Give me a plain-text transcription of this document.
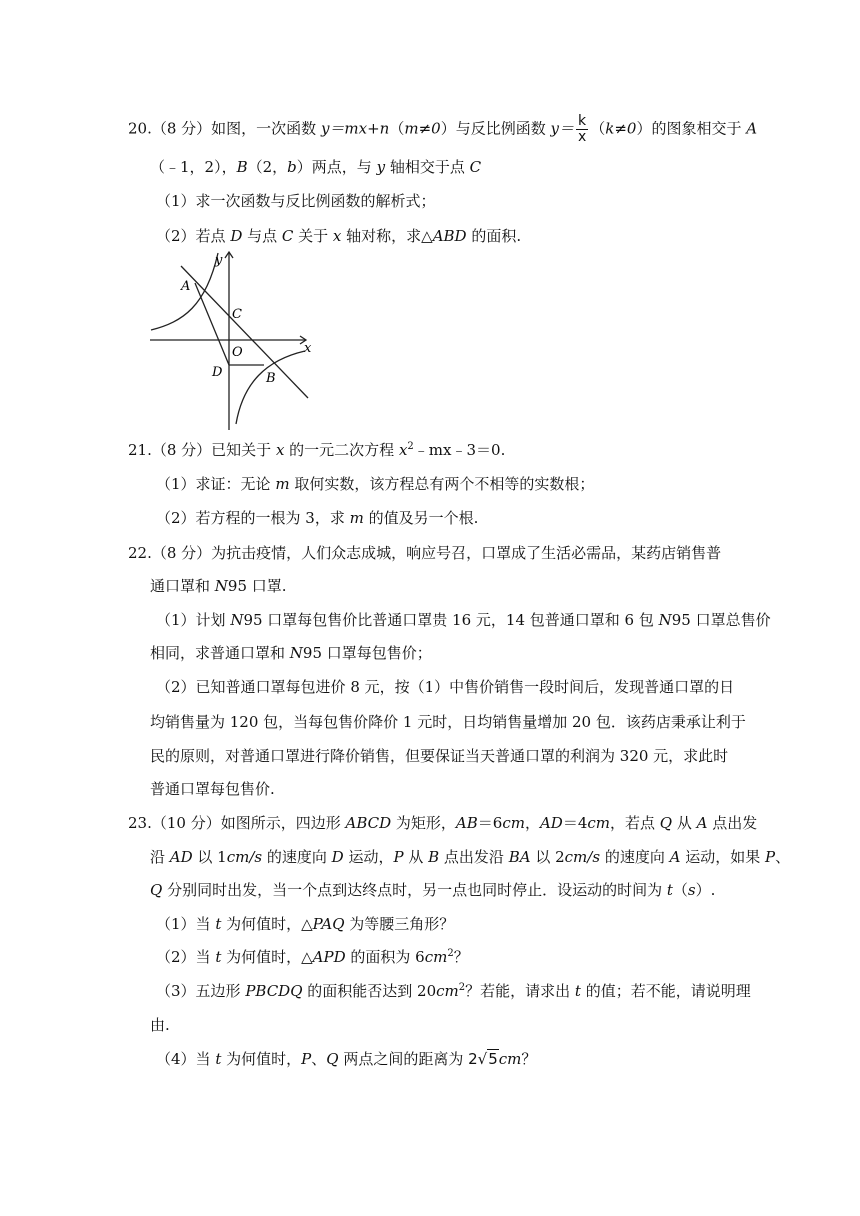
20.（8 分）如图，一次函数 y＝mx+n（m≠0）与反比例函数 $y= \frac{k}{x} (k\ne 0)$的图象相交于 A
（﹣1，2），B（2，b）两点，与 y 轴相交于点 C
（1）求一次函数与反比例函数的解析式；
（2）若点 D 与点 C 关于 x 轴对称，求△ABD 的面积.
y
x
A
C
O
D	B
21.（8 分）已知关于 x 的一元二次方程 $x^2﹣mx﹣3=0$.
（1）求证：无论 m 取何实数，该方程总有两个不相等的实数根；
（2）若方程的一根为 3，求 m 的值及另一个根.
22.（8 分）为抗击疫情，人们众志成城，响应号召，口罩成了生活必需品，某药店销售普
通口罩和 N95 口罩.
（1）计划 N95 口罩每包售价比普通口罩贵 16 元，14 包普通口罩和 6 包 N95 口罩总售价
相同，求普通口罩和 N95 口罩每包售价；
（2）已知普通口罩每包进价 8 元，按（1）中售价销售一段时间后，发现普通口罩的日
均销售量为 120 包，当每包售价降价 1 元时，日均销售量增加 20 包．该药店秉承让利于
民的原则，对普通口罩进行降价销售，但要保证当天普通口罩的利润为 320 元，求此时
普通口罩每包售价.
23.（10 分）如图所示，四边形 ABCD 为矩形，AB＝6cm，AD＝4cm，若点 Q 从 A 点出发
沿 AD 以 1cm/s 的速度向 D 运动，P 从 B 点出发沿 BA 以 2cm/s 的速度向 A 运动，如果 P、
Q 分别同时出发，当一个点到达终点时，另一点也同时停止．设运动的时间为 t（s）.
（1）当 t 为何值时，△PAQ 为等腰三角形？
（2）当 t 为何值时，△APD 的面积为 $6cm^2$？
（3）五边形 PBCDQ 的面积能否达到 $20cm^2$？若能，请求出 t 的值；若不能，请说明理
由.
（4）当 t 为何值时，P、Q 两点之间的距离为 2√5cm？
